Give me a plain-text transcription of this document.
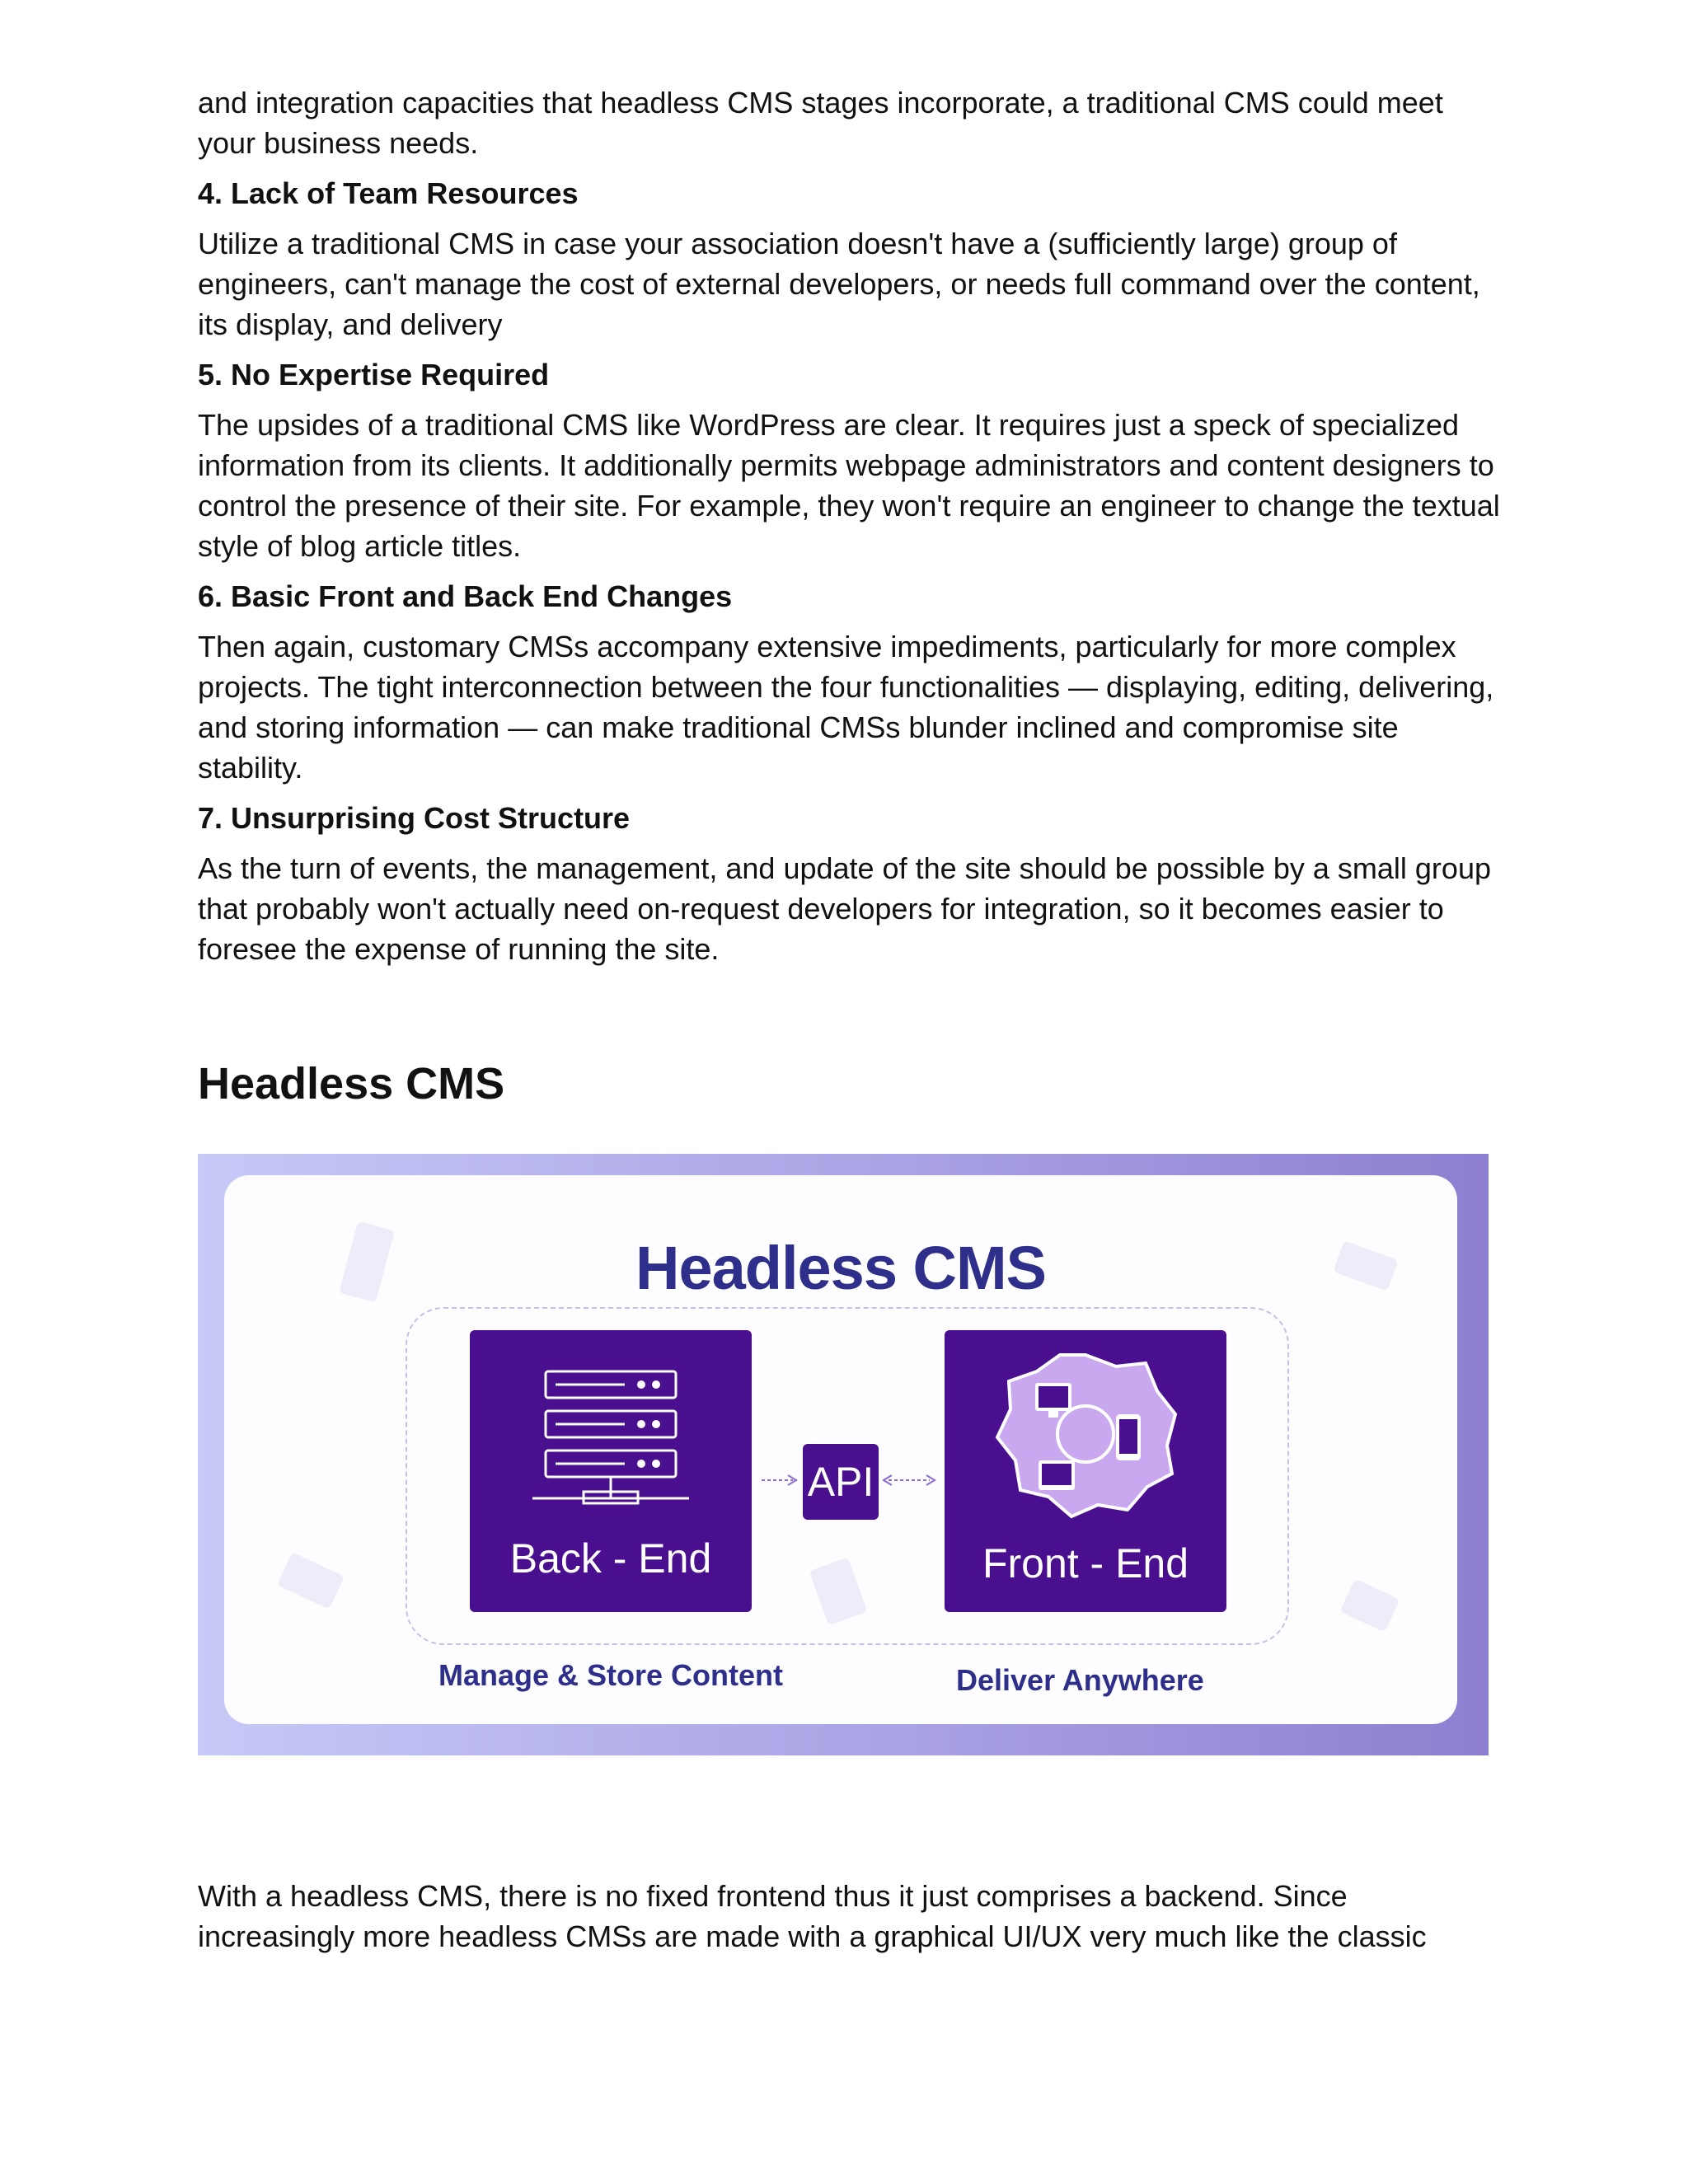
and integration capacities that headless CMS stages incorporate, a traditional CMS could meet your business needs.

4. Lack of Team Resources

Utilize a traditional CMS in case your association doesn't have a (sufficiently large) group of engineers, can't manage the cost of external developers, or needs full command over the content, its display, and delivery

5. No Expertise Required

The upsides of a traditional CMS like WordPress are clear. It requires just a speck of specialized information from its clients. It additionally permits webpage administrators and content designers to control the presence of their site. For example, they won't require an engineer to change the textual style of blog article titles.

6. Basic Front and Back End Changes

Then again, customary CMSs accompany extensive impediments, particularly for more complex projects. The tight interconnection between the four functionalities — displaying, editing, delivering, and storing information — can make traditional CMSs blunder inclined and compromise site stability.

7. Unsurprising Cost Structure

As the turn of events, the management, and update of the site should be possible by a small group that probably won't actually need on-request developers for integration, so it becomes easier to foresee the expense of running the site.

Headless CMS
Headless CMS
Back - End
API
Front - End
Manage & Store Content	Deliver Anywhere

With a headless CMS, there is no fixed frontend thus it just comprises a backend. Since increasingly more headless CMSs are made with a graphical UI/UX very much like the classic
